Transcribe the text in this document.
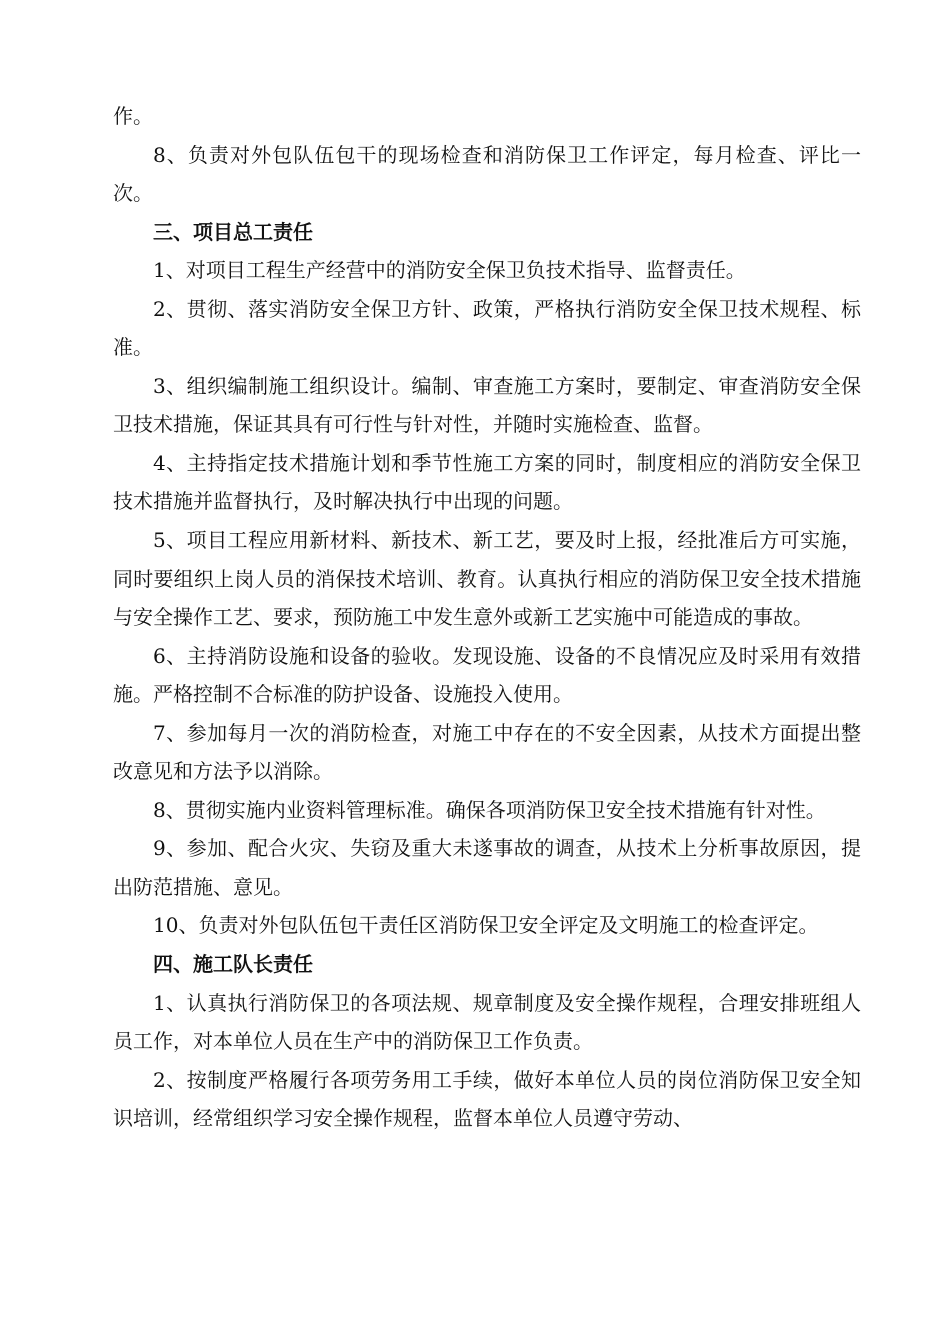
作。

8、负责对外包队伍包干的现场检查和消防保卫工作评定，每月检查、评比一次。

三、项目总工责任

1、对项目工程生产经营中的消防安全保卫负技术指导、监督责任。

2、贯彻、落实消防安全保卫方针、政策，严格执行消防安全保卫技术规程、标准。

3、组织编制施工组织设计。编制、审查施工方案时，要制定、审查消防安全保卫技术措施，保证其具有可行性与针对性，并随时实施检查、监督。

4、主持指定技术措施计划和季节性施工方案的同时，制度相应的消防安全保卫技术措施并监督执行，及时解决执行中出现的问题。

5、项目工程应用新材料、新技术、新工艺，要及时上报，经批准后方可实施，同时要组织上岗人员的消保技术培训、教育。认真执行相应的消防保卫安全技术措施与安全操作工艺、要求，预防施工中发生意外或新工艺实施中可能造成的事故。

6、主持消防设施和设备的验收。发现设施、设备的不良情况应及时采用有效措施。严格控制不合标准的防护设备、设施投入使用。

7、参加每月一次的消防检查，对施工中存在的不安全因素，从技术方面提出整改意见和方法予以消除。

8、贯彻实施内业资料管理标准。确保各项消防保卫安全技术措施有针对性。

9、参加、配合火灾、失窃及重大未遂事故的调查，从技术上分析事故原因，提出防范措施、意见。

10、负责对外包队伍包干责任区消防保卫安全评定及文明施工的检查评定。

四、施工队长责任

1、认真执行消防保卫的各项法规、规章制度及安全操作规程，合理安排班组人员工作，对本单位人员在生产中的消防保卫工作负责。

2、按制度严格履行各项劳务用工手续，做好本单位人员的岗位消防保卫安全知识培训，经常组织学习安全操作规程，监督本单位人员遵守劳动、
